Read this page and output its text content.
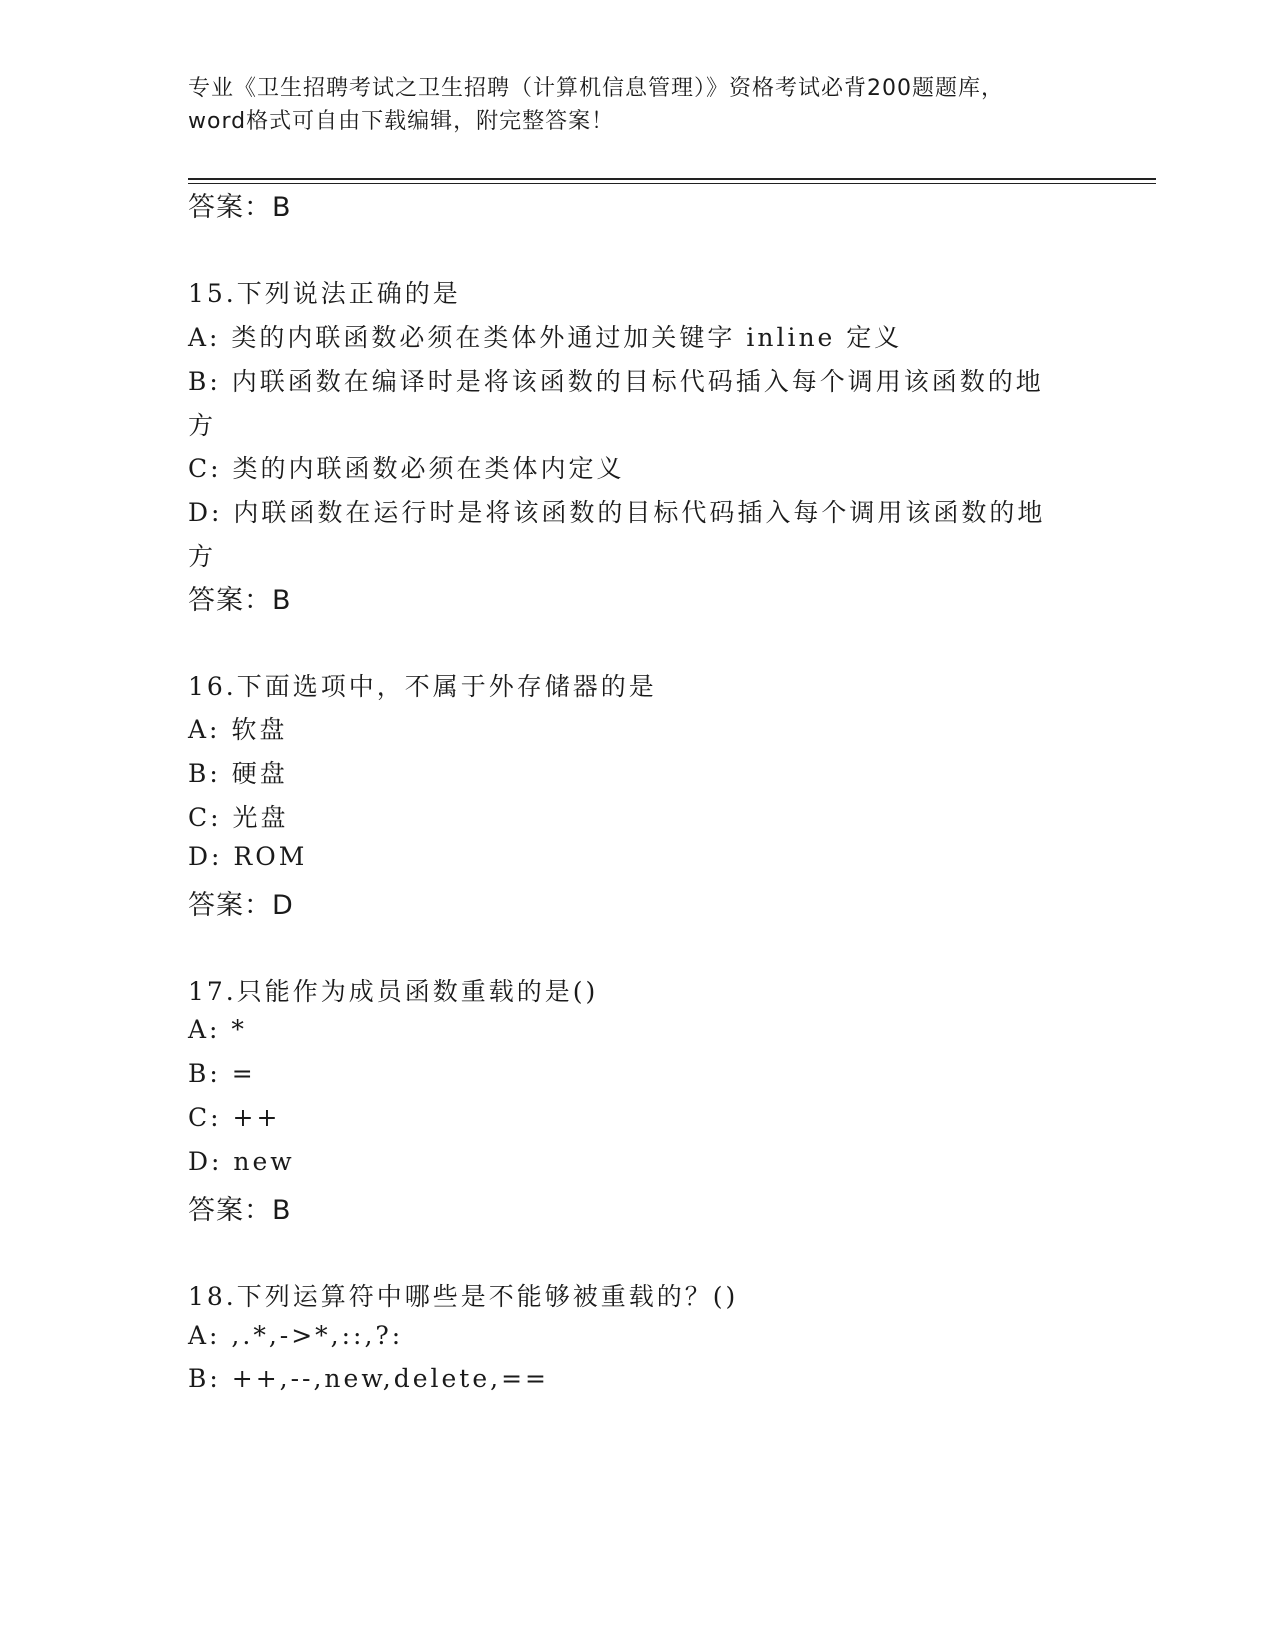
专业《卫生招聘考试之卫生招聘（计算机信息管理）》资格考试必背200题题库，
word格式可自由下载编辑，附完整答案！
答案：B
15.下列说法正确的是
A: 类的内联函数必须在类体外通过加关键字 inline 定义
B: 内联函数在编译时是将该函数的目标代码插入每个调用该函数的地
方
C: 类的内联函数必须在类体内定义
D: 内联函数在运行时是将该函数的目标代码插入每个调用该函数的地
方
答案：B
16.下面选项中，不属于外存储器的是
A: 软盘
B: 硬盘
C: 光盘
D: ROM
答案：D
17.只能作为成员函数重载的是()
A: *
B: =
C: ++
D: new
答案：B
18.下列运算符中哪些是不能够被重载的？()
A: ,.*,->*,::,?:
B: ++,--,new,delete,==
